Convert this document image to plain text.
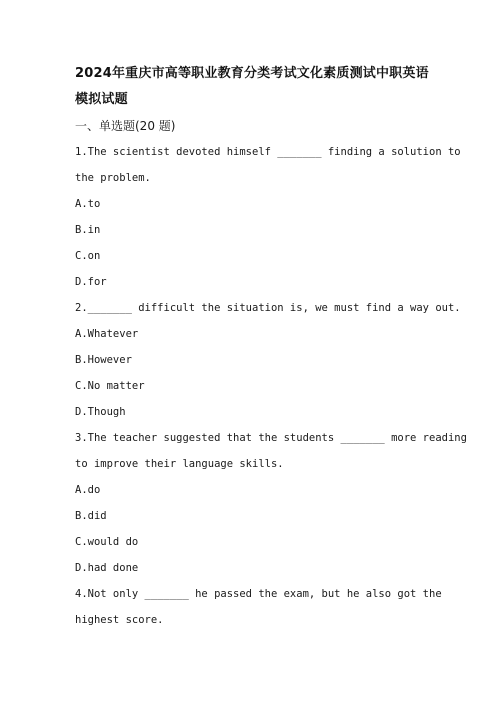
2024年重庆市高等职业教育分类考试文化素质测试中职英语模拟试题
一、单选题(20 题)
1.The scientist devoted himself _______ finding a solution to
the problem.
A.to
B.in
C.on
D.for
2._______ difficult the situation is, we must find a way out.
A.Whatever
B.However
C.No matter
D.Though
3.The teacher suggested that the students _______ more reading
to improve their language skills.
A.do
B.did
C.would do
D.had done
4.Not only _______ he passed the exam, but he also got the
highest score.
